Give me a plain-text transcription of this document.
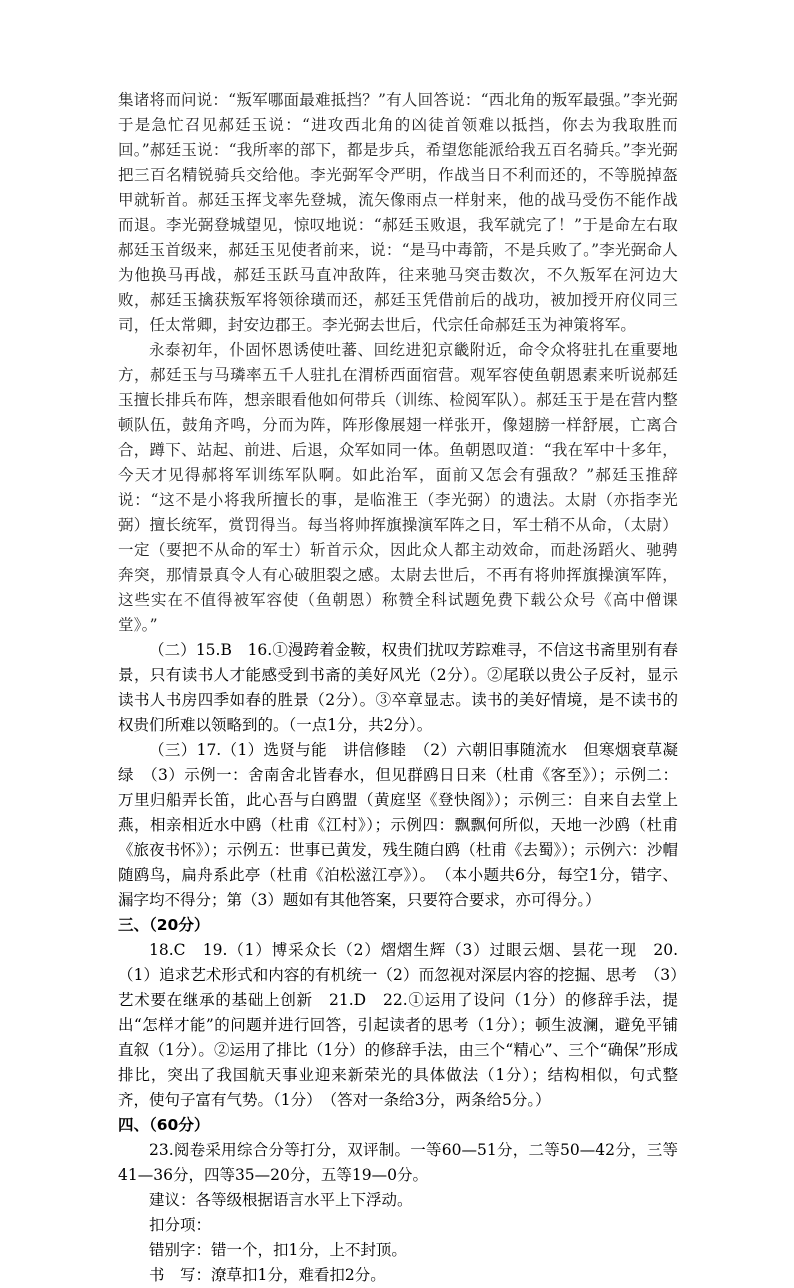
集诸将而问说：“叛军哪面最难抵挡？”有人回答说：“西北角的叛军最强。”李光弼于是急忙召见郝廷玉说：“进攻西北角的凶徒首领难以抵挡，你去为我取胜而回。”郝廷玉说：“我所率的部下，都是步兵，希望您能派给我五百名骑兵。”李光弼把三百名精锐骑兵交给他。李光弼军令严明，作战当日不利而还的，不等脱掉盔甲就斩首。郝廷玉挥戈率先登城，流矢像雨点一样射来，他的战马受伤不能作战而退。李光弼登城望见，惊叹地说：“郝廷玉败退，我军就完了！”于是命左右取郝廷玉首级来，郝廷玉见使者前来，说：“是马中毒箭，不是兵败了。”李光弼命人为他换马再战，郝廷玉跃马直冲敌阵，往来驰马突击数次，不久叛军在河边大败，郝廷玉擒获叛军将领徐璜而还，郝廷玉凭借前后的战功，被加授开府仪同三司，任太常卿，封安边郡王。李光弼去世后，代宗任命郝廷玉为神策将军。

永泰初年，仆固怀恩诱使吐蕃、回纥进犯京畿附近，命令众将驻扎在重要地方，郝廷玉与马璘率五千人驻扎在渭桥西面宿营。观军容使鱼朝恩素来听说郝廷玉擅长排兵布阵，想亲眼看他如何带兵（训练、检阅军队）。郝廷玉于是在营内整顿队伍，鼓角齐鸣，分而为阵，阵形像展翅一样张开，像翅膀一样舒展，亡离合合，蹲下、站起、前进、后退，众军如同一体。鱼朝恩叹道：“我在军中十多年，今天才见得郝将军训练军队啊。如此治军，面前又怎会有强敌？”郝廷玉推辞说：“这不是小将我所擅长的事，是临淮王（李光弼）的遗法。太尉（亦指李光弼）擅长统军，赏罚得当。每当将帅挥旗操演军阵之日，军士稍不从命，（太尉）一定（要把不从命的军士）斩首示众，因此众人都主动效命，而赴汤蹈火、驰骋奔突，那情景真令人有心破胆裂之感。太尉去世后，不再有将帅挥旗操演军阵，这些实在不值得被军容使（鱼朝恩）称赞全科试题免费下载公众号《高中僧课堂》。”

（二）15.B　16.①漫跨着金鞍，权贵们扰叹芳踪难寻，不信这书斋里别有春景，只有读书人才能感受到书斋的美好风光（2分）。②尾联以贵公子反衬，显示读书人书房四季如春的胜景（2分）。③卒章显志。读书的美好情境，是不读书的权贵们所难以领略到的。（一点1分，共2分）。

（三）17.（1）选贤与能　讲信修睦　（2）六朝旧事随流水　但寒烟衰草凝绿　（3）示例一：舍南舍北皆春水，但见群鸥日日来（杜甫《客至》）；示例二：万里归船弄长笛，此心吾与白鸥盟（黄庭坚《登快阁》）；示例三：自来自去堂上燕，相亲相近水中鸥（杜甫《江村》）；示例四：飘飘何所似，天地一沙鸥（杜甫《旅夜书怀》）；示例五：世事已黄发，残生随白鸥（杜甫《去蜀》）；示例六：沙帽随鸥鸟，扁舟系此亭（杜甫《泊松滋江亭》）。　（本小题共6分，每空1分，错字、漏字均不得分；第（3）题如有其他答案，只要符合要求，亦可得分。）

三、（20分）

18.C　19.（1）博采众长（2）熠熠生辉（3）过眼云烟、昙花一现　20.（1）追求艺术形式和内容的有机统一（2）而忽视对深层内容的挖掘、思考　（3）艺术要在继承的基础上创新　21.D　22.①运用了设问（1分）的修辞手法，提出“怎样才能”的问题并进行回答，引起读者的思考（1分）；顿生波澜，避免平铺直叙（1分）。②运用了排比（1分）的修辞手法，由三个“精心”、三个“确保”形成排比，突出了我国航天事业迎来新荣光的具体做法（1分）；结构相似，句式整齐，使句子富有气势。（1分）　（答对一条给3分，两条给5分。）

四、（60分）

23.阅卷采用综合分等打分，双评制。一等60—51分，二等50—42分，三等41—36分，四等35—20分，五等19—0分。

建议：各等级根据语言水平上下浮动。

扣分项：

错别字：错一个，扣1分，上不封顶。

书　写：潦草扣1分，难看扣2分。
